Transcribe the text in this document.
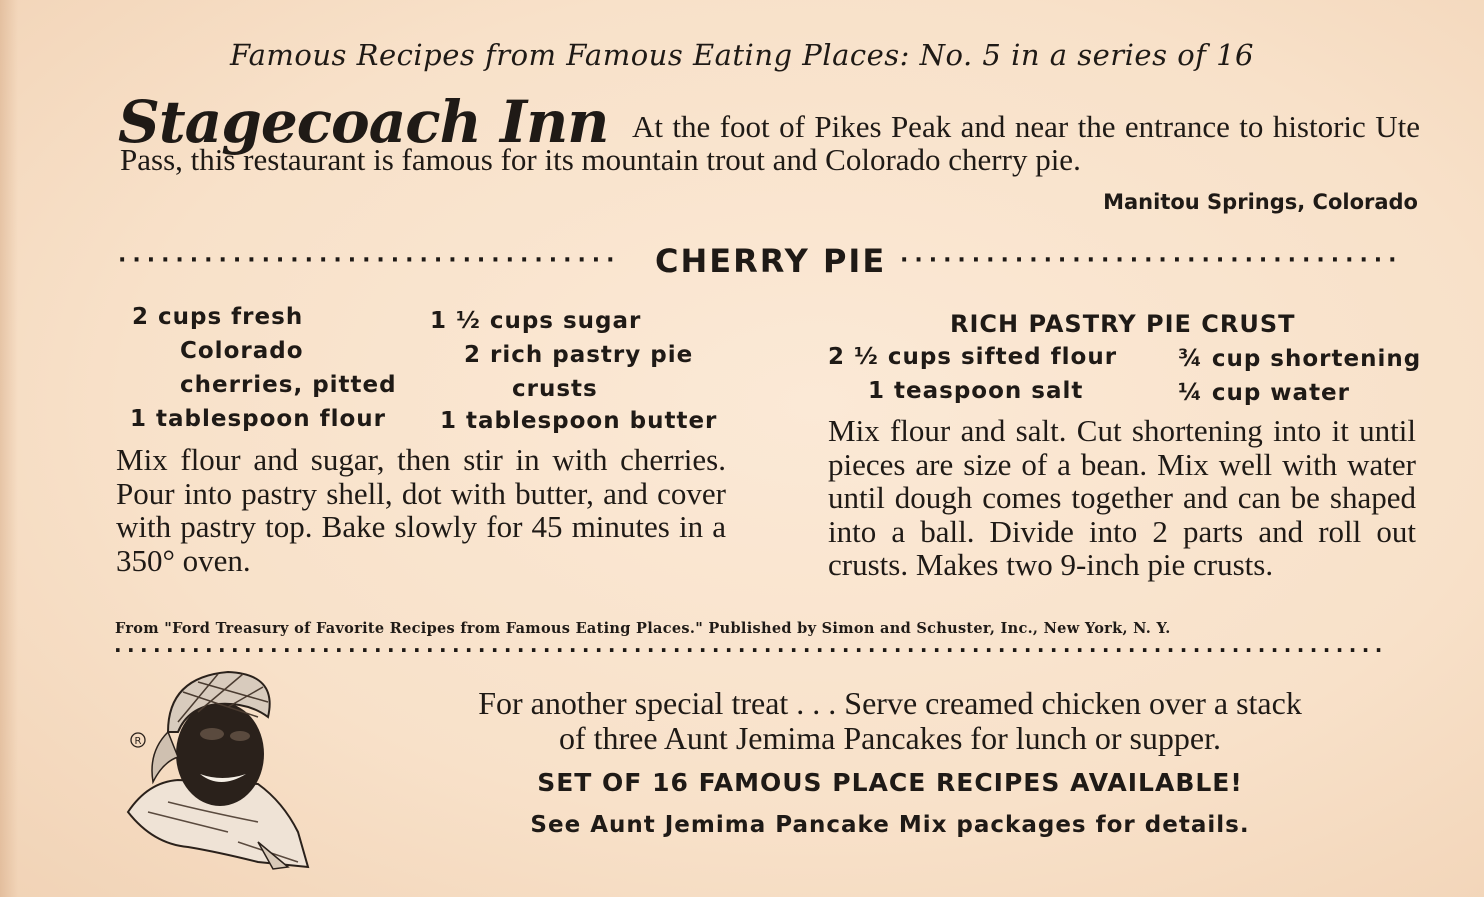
Famous Recipes from Famous Eating Places: No. 5 in a series of 16
At the foot of Pikes Peak and near the entrance to historic Ute Pass, this restaurant is famous for its mountain trout and Colorado cherry pie.
Stagecoach Inn
Manitou Springs, Colorado
···································	CHERRY PIE ···································
2 cups fresh
Colorado
cherries, pitted
1 tablespoon flour
1 ½ cups sugar
2 rich pastry pie
crusts
1 tablespoon butter
Mix flour and sugar, then stir in with cherries. Pour into pastry shell, dot with butter, and cover with pastry top. Bake slowly for 45 minutes in a 350° oven.
RICH PASTRY PIE CRUST
2 ½ cups sifted flour	¾ cup shortening
1 teaspoon salt	¼ cup water
Mix flour and salt. Cut shortening into it until pieces are size of a bean. Mix well with water until dough comes together and can be shaped into a ball. Divide into 2 parts and roll out crusts. Makes two 9-inch pie crusts.
From "Ford Treasury of Favorite Recipes from Famous Eating Places." Published by Simon and Schuster, Inc., New York, N. Y.
··································································································
R
For another special treat . . . Serve creamed chicken over a stack
of three Aunt Jemima Pancakes for lunch or supper.
SET OF 16 FAMOUS PLACE RECIPES AVAILABLE!
See Aunt Jemima Pancake Mix packages for details.
